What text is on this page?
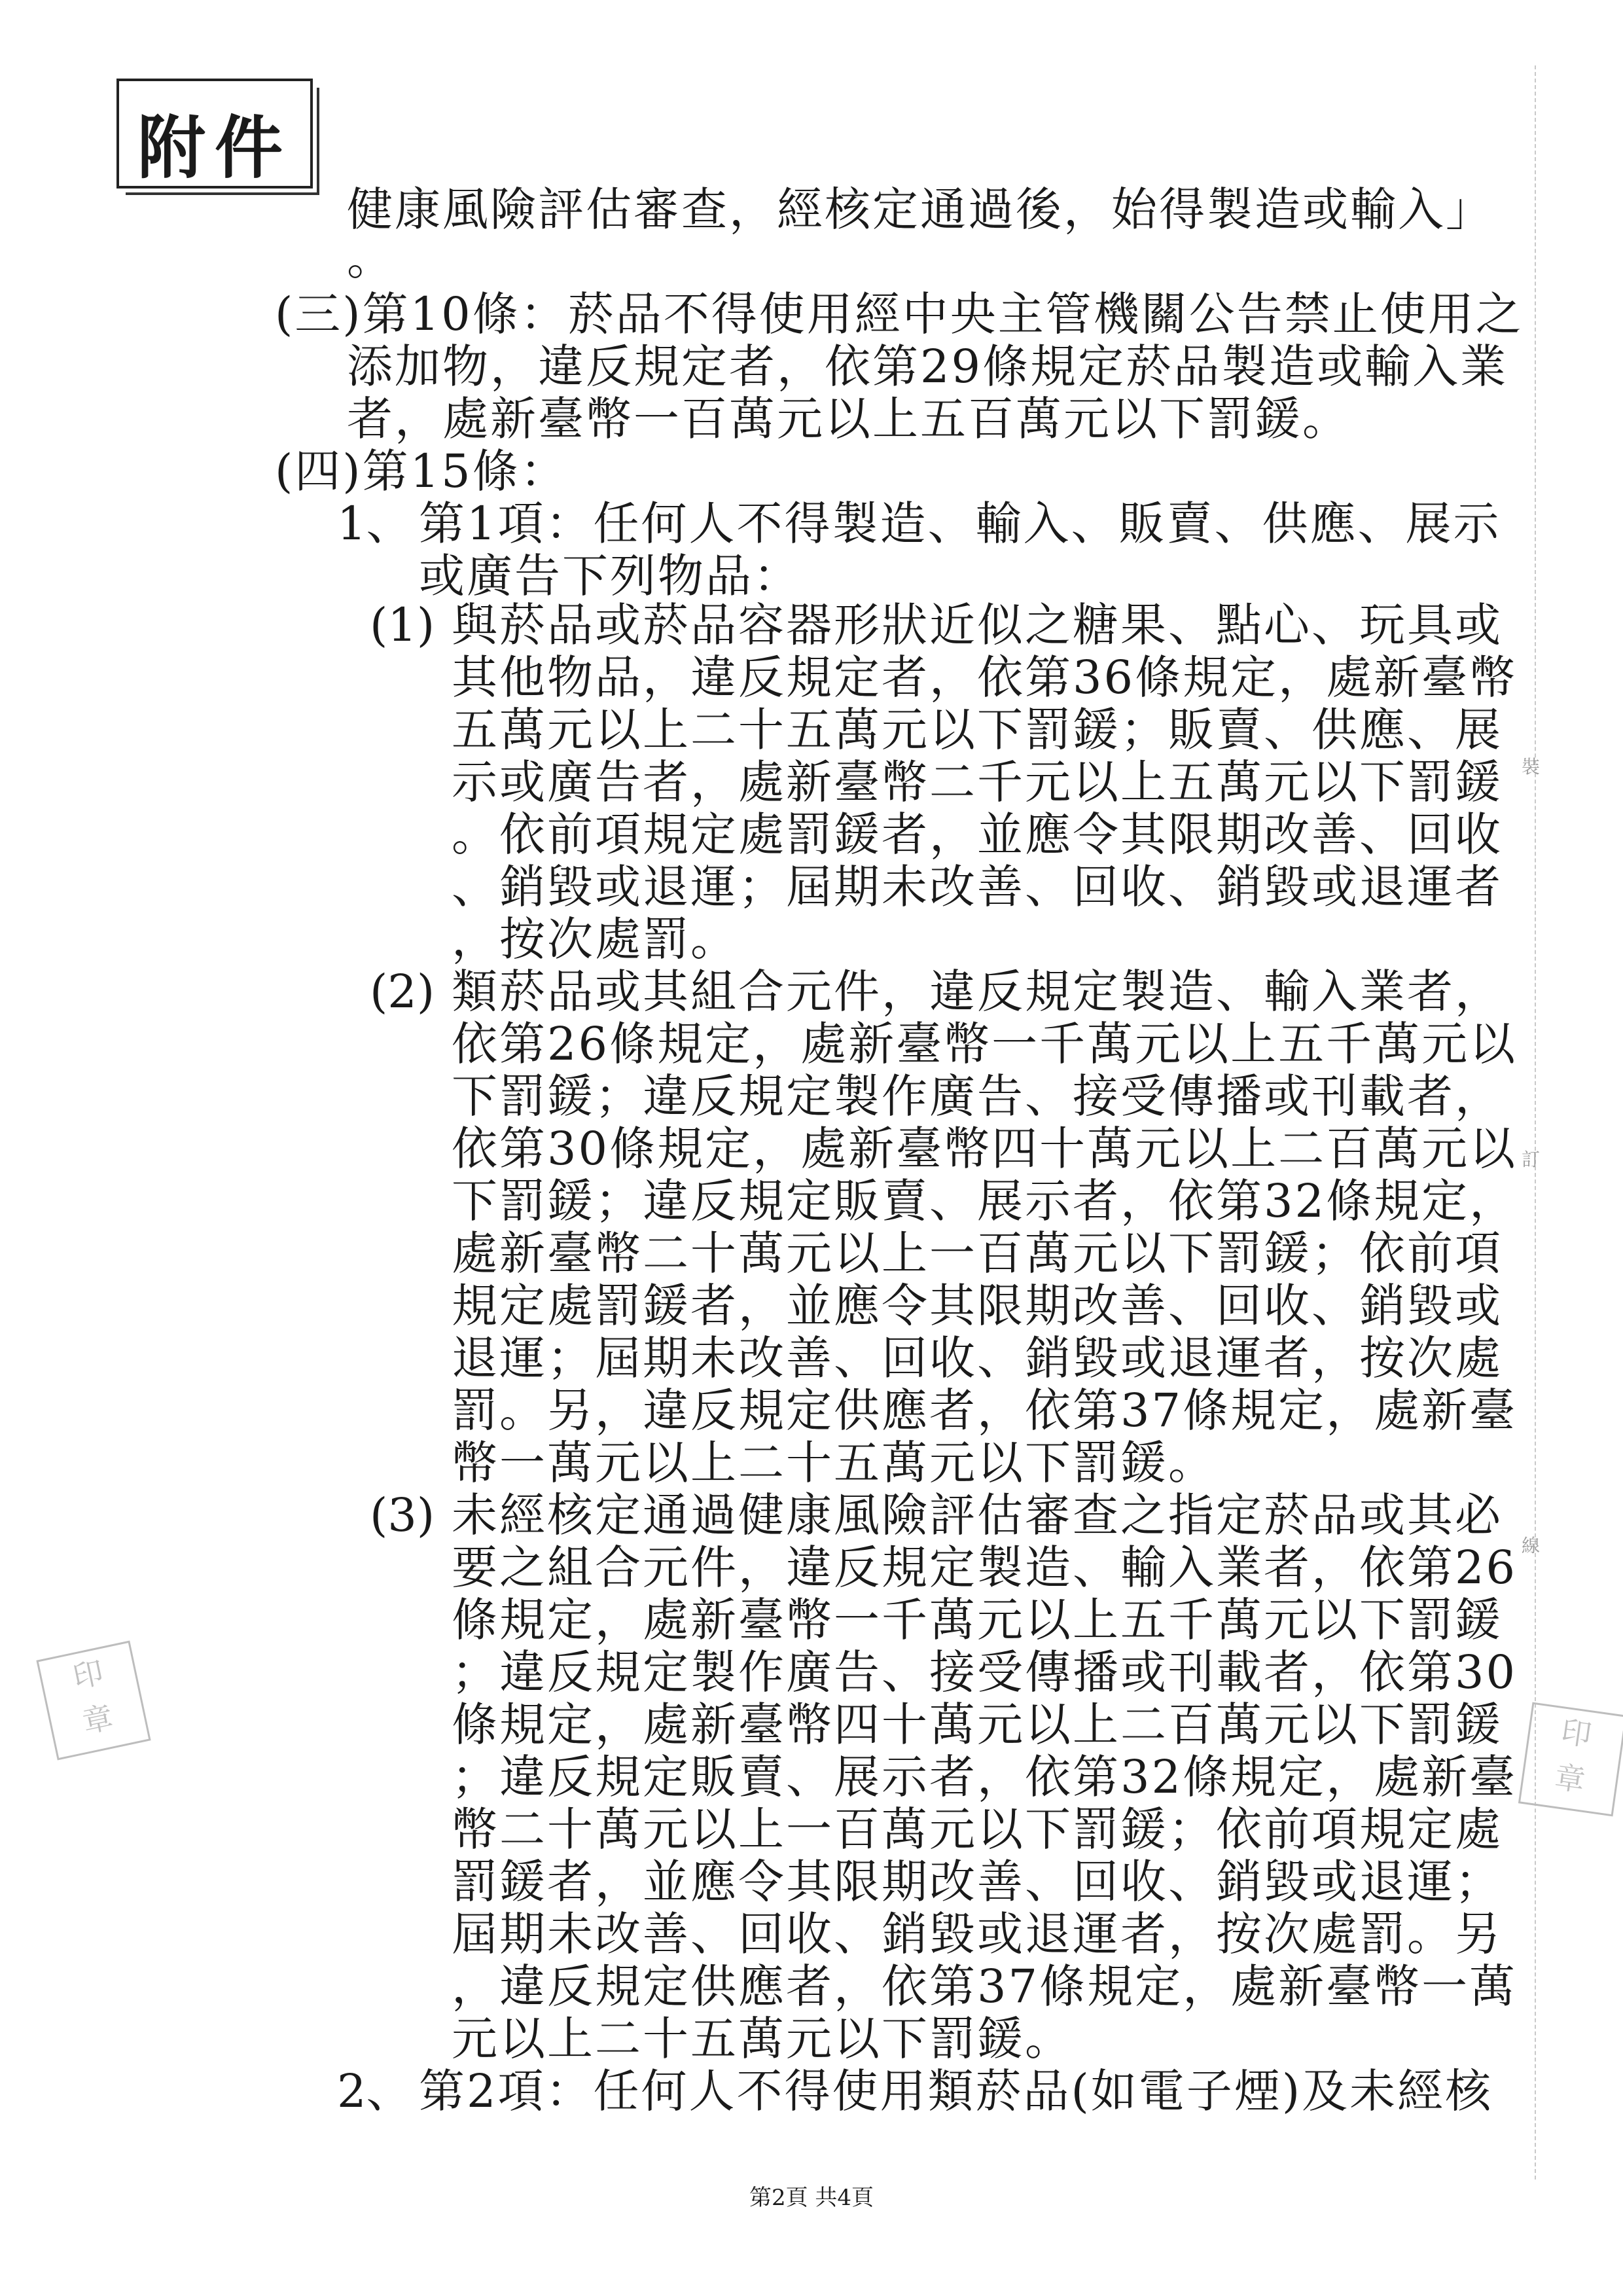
附件
裝
訂
線
印
章	印
章
健康風險評估審查，經核定通過後，始得製造或輸入」
。
(三)第10條：菸品不得使用經中央主管機關公告禁止使用之
添加物，違反規定者，依第29條規定菸品製造或輸入業
者，處新臺幣一百萬元以上五百萬元以下罰鍰。
(四)第15條：
1、 第1項：任何人不得製造、輸入、販賣、供應、展示
或廣告下列物品：
(1) 與菸品或菸品容器形狀近似之糖果、點心、玩具或
其他物品，違反規定者，依第36條規定，處新臺幣
五萬元以上二十五萬元以下罰鍰；販賣、供應、展
示或廣告者，處新臺幣二千元以上五萬元以下罰鍰
。依前項規定處罰鍰者，並應令其限期改善、回收
、銷毀或退運；屆期未改善、回收、銷毀或退運者
，按次處罰。
(2) 類菸品或其組合元件，違反規定製造、輸入業者，
依第26條規定，處新臺幣一千萬元以上五千萬元以
下罰鍰；違反規定製作廣告、接受傳播或刊載者，
依第30條規定，處新臺幣四十萬元以上二百萬元以
下罰鍰；違反規定販賣、展示者，依第32條規定，
處新臺幣二十萬元以上一百萬元以下罰鍰；依前項
規定處罰鍰者，並應令其限期改善、回收、銷毀或
退運；屆期未改善、回收、銷毀或退運者，按次處
罰。另，違反規定供應者，依第37條規定，處新臺
幣一萬元以上二十五萬元以下罰鍰。
(3) 未經核定通過健康風險評估審查之指定菸品或其必
要之組合元件，違反規定製造、輸入業者，依第26
條規定，處新臺幣一千萬元以上五千萬元以下罰鍰
；違反規定製作廣告、接受傳播或刊載者，依第30
條規定，處新臺幣四十萬元以上二百萬元以下罰鍰
；違反規定販賣、展示者，依第32條規定，處新臺
幣二十萬元以上一百萬元以下罰鍰；依前項規定處
罰鍰者，並應令其限期改善、回收、銷毀或退運；
屆期未改善、回收、銷毀或退運者，按次處罰。另
，違反規定供應者，依第37條規定，處新臺幣一萬
元以上二十五萬元以下罰鍰。
2、 第2項：任何人不得使用類菸品(如電子煙)及未經核
第2頁 共4頁
